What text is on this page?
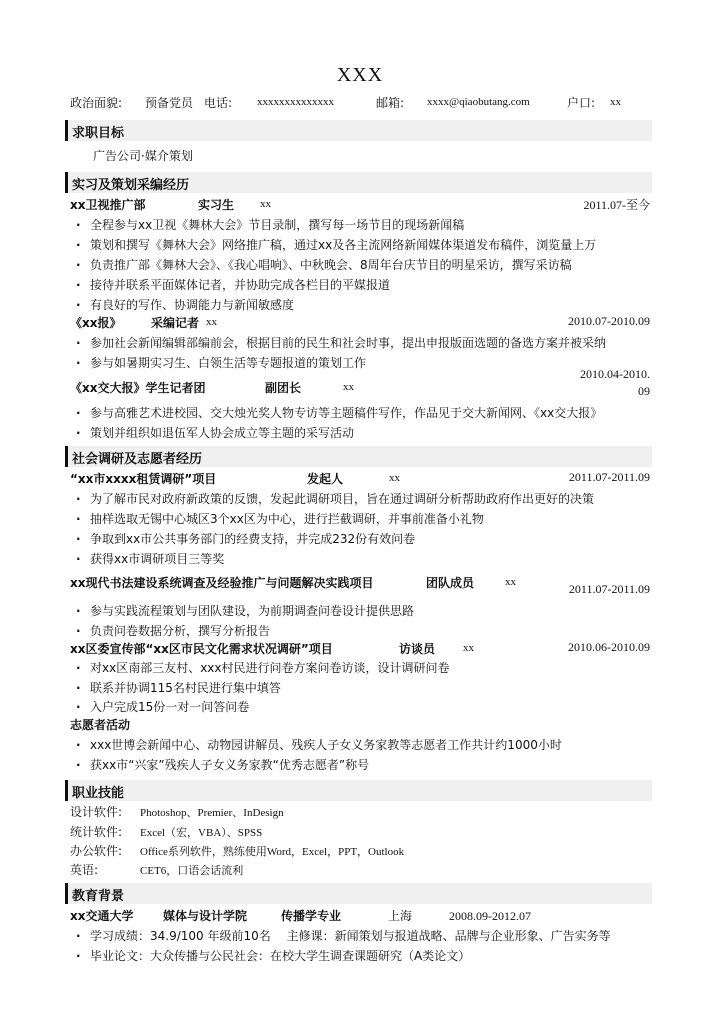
XXX
政治面貌: 预备党员 电话: xxxxxxxxxxxxxx	邮箱: xxxx@qiaobutang.com	户口: xx
求职目标
广告公司·媒介策划
实习及策划采编经历
xx卫视推广部	实习生 xx	2011.07-至今
· 全程参与xx卫视《舞林大会》节目录制，撰写每一场节目的现场新闻稿
· 策划和撰写《舞林大会》网络推广稿，通过xx及各主流网络新闻媒体渠道发布稿件，浏览量上万
· 负责推广部《舞林大会》、《我心唱响》、中秋晚会、8周年台庆节目的明星采访，撰写采访稿
· 接待并联系平面媒体记者，并协助完成各栏目的平媒报道
· 有良好的写作、协调能力与新闻敏感度
《xx报》 采编记者 xx	2010.07-2010.09
· 参加社会新闻编辑部编前会，根据目前的民生和社会时事，提出申报版面选题的备选方案并被采纳
· 参与如暑期实习生、白领生活等专题报道的策划工作
《xx交大报》学生记者团	副团长	xx
2010.04-2010.
09
· 参与高雅艺术进校园、交大烛光奖人物专访等主题稿件写作，作品见于交大新闻网、《xx交大报》
· 策划并组织如退伍军人协会成立等主题的采写活动
社会调研及志愿者经历
“xx市xxxx租赁调研”项目	发起人	xx	2011.07-2011.09
· 为了解市民对政府新政策的反馈，发起此调研项目，旨在通过调研分析帮助政府作出更好的决策
· 抽样选取无锡中心城区3个xx区为中心，进行拦截调研，并事前准备小礼物
· 争取到xx市公共事务部门的经费支持，并完成232份有效问卷
· 获得xx市调研项目三等奖
xx现代书法建设系统调查及经验推广与问题解决实践项目	团队成员	xx	2011.07-2011.09
· 参与实践流程策划与团队建设，为前期调查问卷设计提供思路
· 负责问卷数据分析，撰写分析报告
xx区委宣传部“xx区市民文化需求状况调研”项目	访谈员	xx	2010.06-2010.09
· 对xx区南部三友村、xxx村民进行问卷方案问卷访谈，设计调研问卷
· 联系并协调115名村民进行集中填答
· 入户完成15份一对一问答问卷
志愿者活动
· xxx世博会新闻中心、动物园讲解员、残疾人子女义务家教等志愿者工作共计约1000小时
· 获xx市“兴家”残疾人子女义务家教“优秀志愿者”称号
职业技能
设计软件: Photoshop、Premier、InDesign
统计软件: Excel（宏，VBA）、SPSS
办公软件: Office系列软件，熟练使用Word，Excel，PPT，Outlook
英语:	CET6，口语会话流利
教育背景
xx交通大学 媒体与设计学院	传播学专业	上海	2008.09-2012.07
· 学习成绩：34.9/100 年级前10名　 主修课：新闻策划与报道战略、品牌与企业形象、广告实务等
· 毕业论文：大众传播与公民社会：在校大学生调查课题研究（A类论文）
